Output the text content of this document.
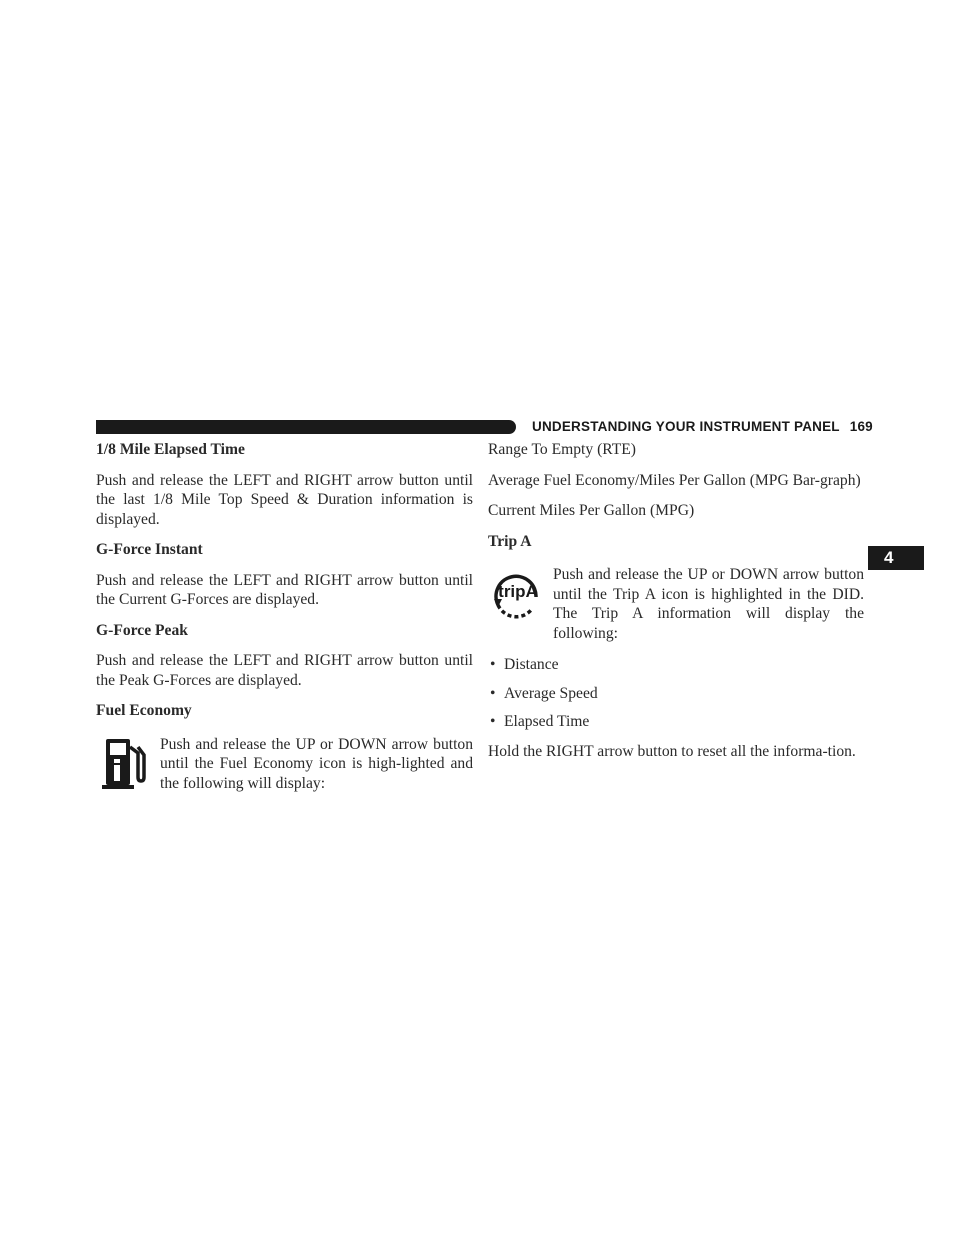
UNDERSTANDING YOUR INSTRUMENT PANEL 169
4
1/8 Mile Elapsed Time

Push and release the LEFT and RIGHT arrow button until the last 1/8 Mile Top Speed & Duration information is displayed.

G-Force Instant

Push and release the LEFT and RIGHT arrow button until the Current G-Forces are displayed.

G-Force Peak

Push and release the LEFT and RIGHT arrow button until the Peak G-Forces are displayed.

Fuel Economy

Push and release the UP or DOWN arrow button until the Fuel Economy icon is high-lighted and the following will display:

Range To Empty (RTE)

Average Fuel Economy/Miles Per Gallon (MPG Bar-graph)

Current Miles Per Gallon (MPG)

Trip A
tripA

Push and release the UP or DOWN arrow button until the Trip A icon is highlighted in the DID. The Trip A information will display the following:

• Distance
• Average Speed
• Elapsed Time

Hold the RIGHT arrow button to reset all the informa-tion.
